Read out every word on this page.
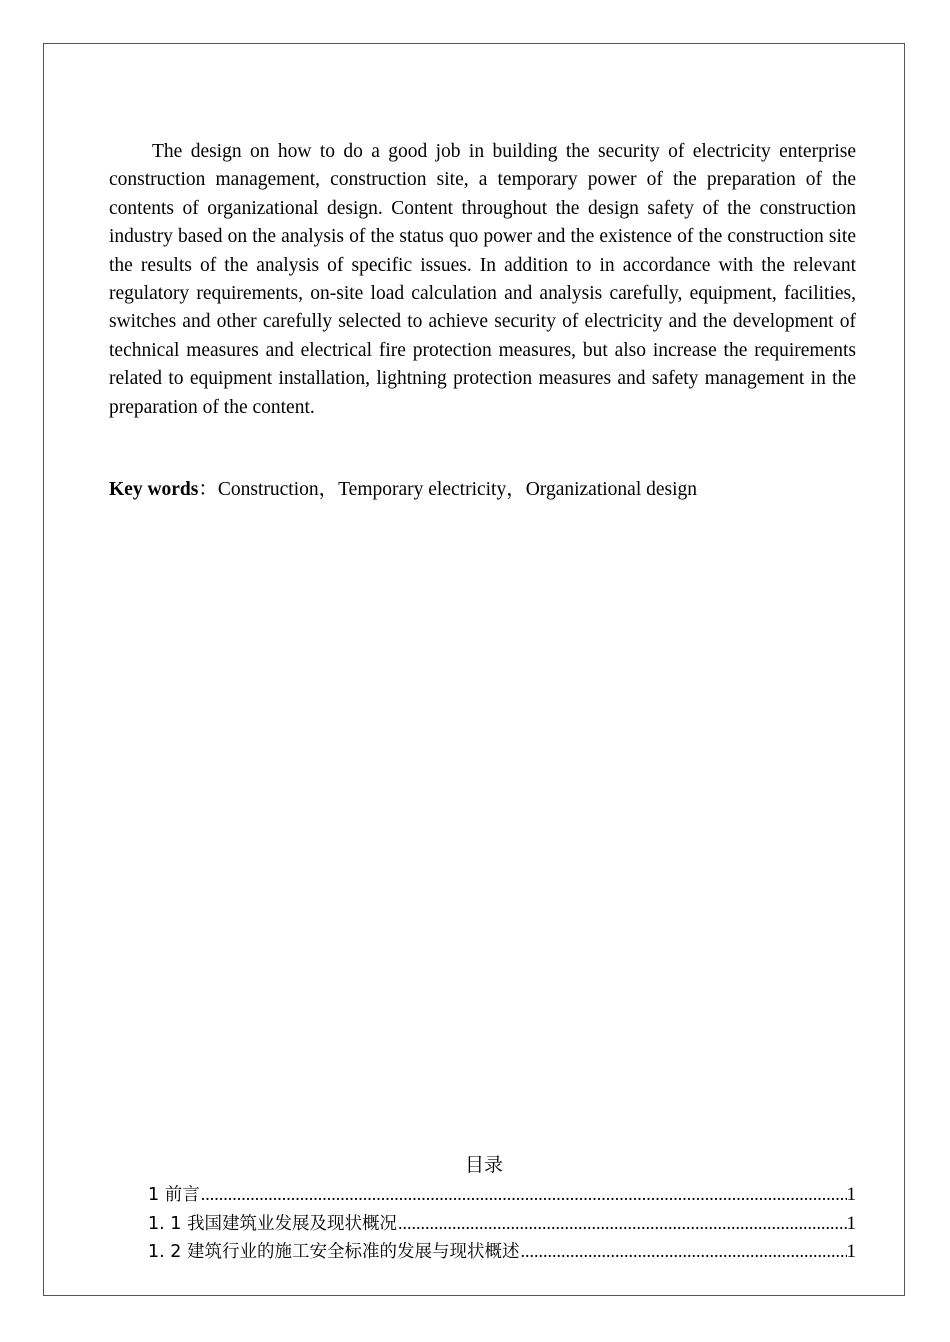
The design on how to do a good job in building the security of electricity enterprise construction management, construction site, a temporary power of the preparation of the contents of organizational design. Content throughout the design safety of the construction industry based on the analysis of the status quo power and the existence of the construction site the results of the analysis of specific issues. In addition to in accordance with the relevant regulatory requirements, on-site load calculation and analysis carefully, equipment, facilities, switches and other carefully selected to achieve security of electricity and the development of technical measures and electrical fire protection measures, but also increase the requirements related to equipment installation, lightning protection measures and safety management in the preparation of the content.

Key words：Construction，Temporary electricity，Organizational design

目录
1 前言 .....	1
1. 1 我国建筑业发展及现状概况 .....	1
1. 2 建筑行业的施工安全标准的发展与现状概述 .....	1
